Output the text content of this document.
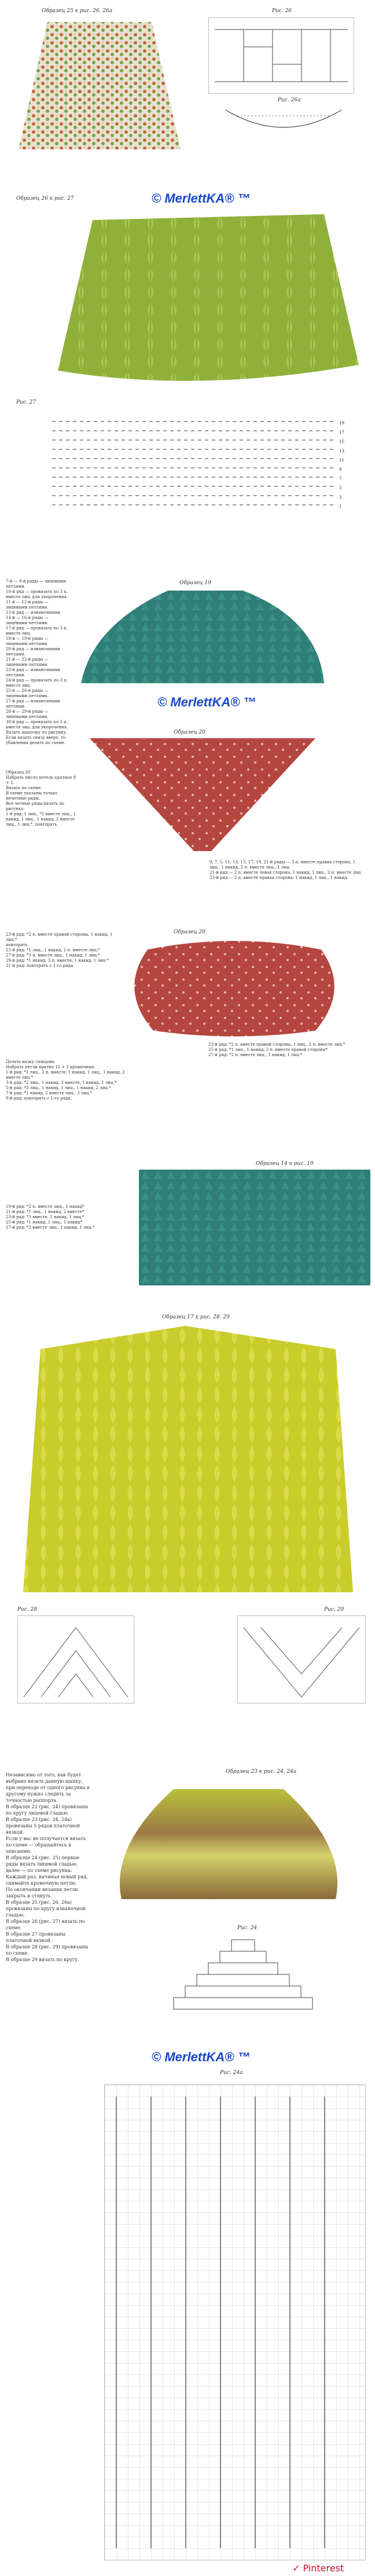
Образец 25 к рис. 26. 26а	Рис. 26
Рис. 26а
© MerlettKA® ™
Образец 26 к рис. 27
Рис. 27
19
17
15
13
11
9
7
5
3
1
7-й — 9-й ряды — лицевыми петлями.
10-й ряд — провязать по 3 п. вместе лиц. для укорочения.
11-й — 12-й ряды — лицевыми петлями.
13-й ряд — изнаночными.
14-й — 16-й ряды — лицевыми петлями.
17-й ряд — провязать по 3 п. вместе лиц.
18-й — 19-й ряды — лицевыми петлями.
20-й ряд — изнаночными петлями.
21-й — 22-й ряды — лицевыми петлями.
23-й ряд — изнаночными петлями.
24-й ряд — провязать по 3 п. вместе лиц.
25-й — 26-й ряды — лицевыми петлями.
27-й ряд — изнаночными петлями.
28-й — 29-й ряды — лицевыми петлями.
30-й ряд — провязать по 3 п. вместе лиц. для укорочения.
Вязать шапочку по рисунку.
Если вязать снизу вверх, то убавления делать по схеме.
Образец 19
Образец 20
© MerlettKA® ™
Образец 20
Набрать число петель кратное 8 + 1.
Вязать по схеме.
В схеме указаны только нечетные ряды.
Все четные ряды вязать по рисунку.
1-й ряд: 1 лиц., *2 вместе лиц., 1 накид, 1 лиц., 1 накид, 2 вместе лиц., 1 лиц.*, повторять.
9, 7, 5, 11, 13, 15, 17, 19, 21-й ряды — 3 п. вместе правая сторона, 1 лиц., 1 накид, 2 п. вместе лиц., 1 лиц.
21-й ряд — 2 п. вместе левая сторона, 1 накид, 1 лиц., 2 п. вместе лиц.
23-й ряд — 2 п. вместе правая сторона, 1 накид, 1 лиц., 1 накид.
Образец 20
23-й ряд: *2 п. вместе правой стороны, 1 накид, 1 лиц.*
повторять.
25-й ряд: *1 лиц., 1 накид, 2 п. вместе лиц.*
27-й ряд: *3 п. вместе лиц., 1 накид, 1 лиц.*
29-й ряд: *1 накид, 3 п. вместе, 1 накид, 1 лиц.*
31-й ряд: повторять с 1-го ряда.
Делать вязку спицами.
Набрать петли кратно 12 + 2 кромочные.
1-й ряд: *1 лиц., 2 п. вместе, 1 накид, 1 лиц., 1 накид, 2 вместе лиц.*
3-й ряд: *2 лиц., 1 накид, 3 вместе, 1 накид, 1 лиц.*
5-й ряд: *3 лиц., 1 накид, 1 лиц., 1 накид, 2 лиц.*
7-й ряд: *1 накид, 2 вместе лиц., 3 лиц.*
9-й ряд: повторять с 1-го ряда.
23-й ряд: *2 п. вместе правой стороны, 1 лиц., 2 п. вместе лиц.*
25-й ряд: *1 лиц., 1 накид, 2 п. вместе правой стороны*
27-й ряд: *2 п. вместе лиц., 1 накид, 1 лиц.*
Образец 14 к рис. 19
19-й ряд: *2 п. вместе лиц., 1 накид*
21-й ряд: *1 лиц., 1 накид, 2 вместе*
23-й ряд: *3 вместе, 1 накид, 1 лиц.*
25-й ряд: *1 накид, 1 лиц., 1 накид*
27-й ряд: *2 вместе лиц., 1 накид, 1 лиц.*
Образец 17 к рис. 28. 29
Рис. 28	Рис. 29
Независимо от того, как будет выбрано вязать данную шапку, при переходе от одного рисунка к другому нужно следить за точностью раппорта.
В образце 22 (рис. 24) провязаны по кругу лицевой гладью.
В образце 23 (рис. 24, 24а) провязаны 5 рядов платочной вязкой.
Если у вас не получается вязать по схеме — обращайтесь к описанию.
В образце 24 (рис. 25) первые ряды вязать лицевой гладью, далее — по схеме рисунка.
Каждый раз, начиная новый ряд, снимайте кромочную петлю.
По окончании вязания петли закрыть и стянуть.
В образце 25 (рис. 26, 26а) провязаны по кругу изнаночной гладью.
В образце 26 (рис. 27) вязать по схеме.
В образце 27 провязаны платочной вязкой.
В образце 28 (рис. 29) провязаны по схеме.
В образце 29 вязать по кругу.
Образец 23 к рис. 24. 24а
Рис. 24
© MerlettKA® ™
Рис. 24а
✓ Pinterest
